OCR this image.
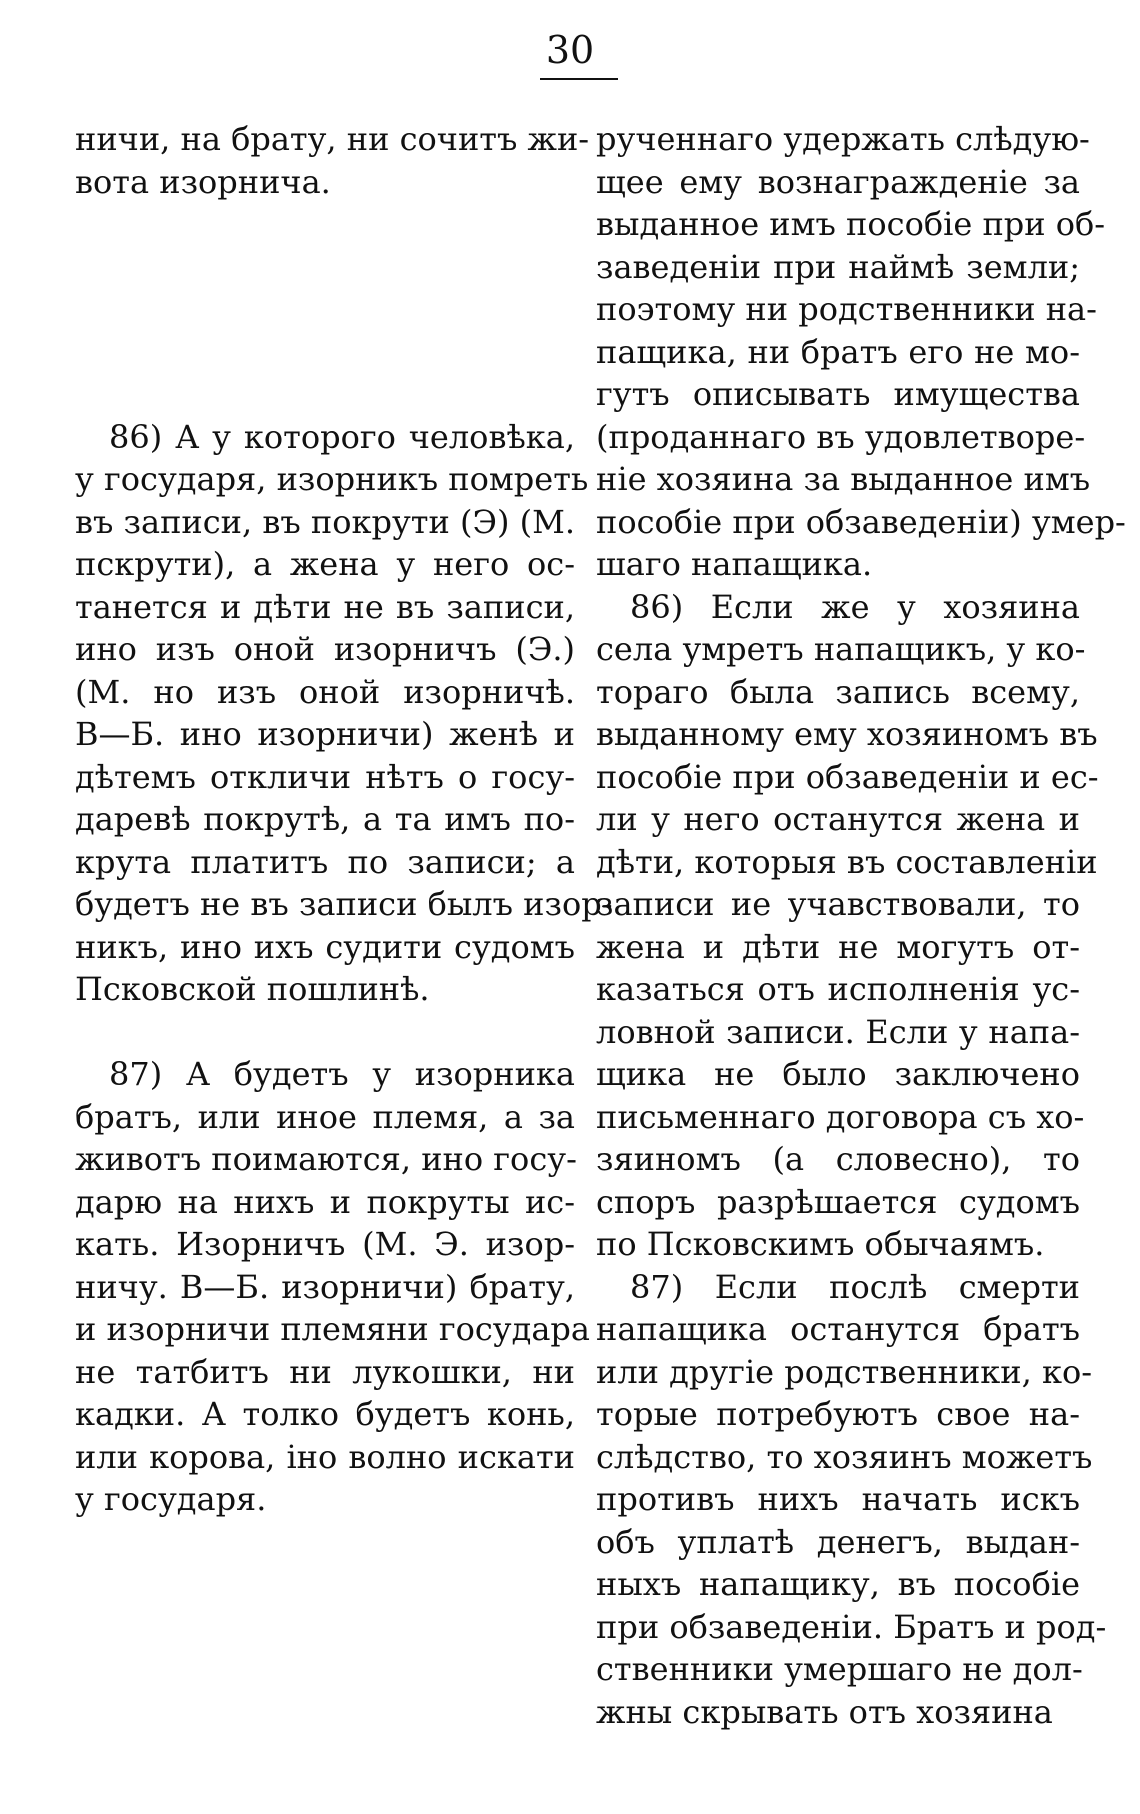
30
ничи, на брату, ни сочитъ жи-
вота изорнича.
86) А у которого человѣка,
у государя, изорникъ помреть
въ записи, въ покрути (Э) (М.
пскрути), а жена у него ос-
танется и дѣти не въ записи,
ино изъ оной изорничъ (Э.)
(М. но изъ оной изорничѣ.
В—Б. ино изорничи) женѣ и
дѣтемъ откличи нѣтъ о госу-
даревѣ покрутѣ, а та имъ по-
крута платитъ по записи; а
будетъ не въ записи былъ изор-
никъ, ино ихъ судити судомъ
Псковской пошлинѣ.
87) А будетъ у изорника
братъ, или иное племя, а за
животъ поимаются, ино госу-
дарю на нихъ и покруты ис-
кать. Изорничъ (М. Э. изор-
ничу. В—Б. изорничи) брату,
и изорничи племяни государа
не татбитъ ни лукошки, ни
кадки. А толко будетъ конь,
или корова, іно волно искати
у государя.
рученнаго удержать слѣдую-
щее ему вознагражденіе за
выданное имъ пособіе при об-
заведеніи при наймѣ земли;
поэтому ни родственники на-
пащика, ни братъ его не мо-
гутъ описывать имущества
(проданнаго въ удовлетворе-
ніе хозяина за выданное имъ
пособіе при обзаведеніи) умер-
шаго напащика.
86) Если же у хозяина
села умретъ напащикъ, у ко-
тораго была запись всему,
выданному ему хозяиномъ въ
пособіе при обзаведеніи и ес-
ли у него останутся жена и
дѣти, которыя въ составленіи
записи ие учавствовали, то
жена и дѣти не могутъ от-
казаться отъ исполненія ус-
ловной записи. Если у напа-
щика не было заключено
письменнаго договора съ хо-
зяиномъ (а словесно), то
споръ разрѣшается судомъ
по Псковскимъ обычаямъ.
87) Если послѣ смерти
напащика останутся братъ
или другіе родственники, ко-
торые потребуютъ свое на-
слѣдство, то хозяинъ можетъ
противъ нихъ начать искъ
объ уплатѣ денегъ, выдан-
ныхъ напащику, въ пособіе
при обзаведеніи. Братъ и род-
ственники умершаго не дол-
жны скрывать отъ хозяина
